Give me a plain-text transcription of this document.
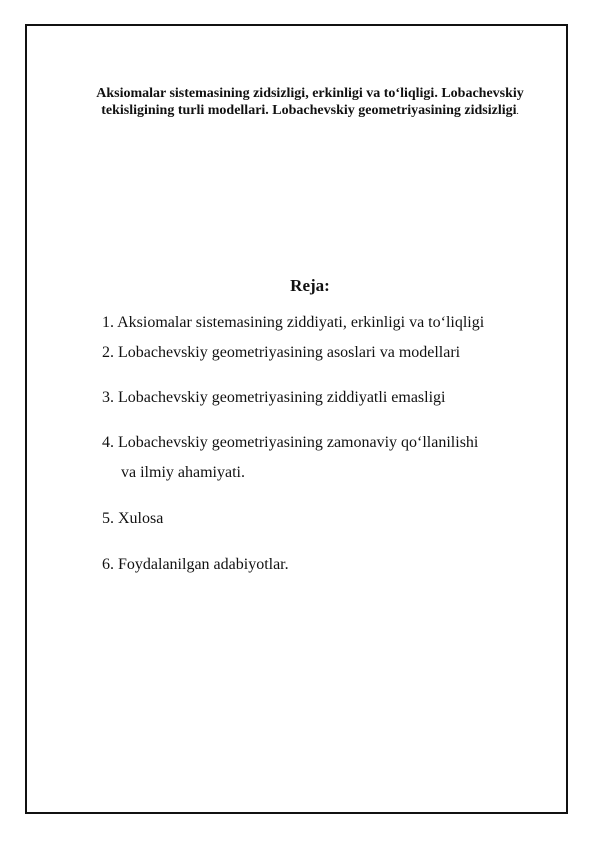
Aksiomalar sistemasining zidsizligi, erkinligi va to‘liqligi. Lobachevskiy tekisligining turli modellari. Lobachevskiy geometriyasining zidsizligi.
Reja:
1. Aksiomalar sistemasining ziddiyati, erkinligi va to‘liqligi
2. Lobachevskiy geometriyasining asoslari va modellari
3. Lobachevskiy geometriyasining ziddiyatli emasligi
4. Lobachevskiy geometriyasining zamonaviy qo‘llanilishi
va ilmiy ahamiyati.
5. Xulosa
6. Foydalanilgan adabiyotlar.
